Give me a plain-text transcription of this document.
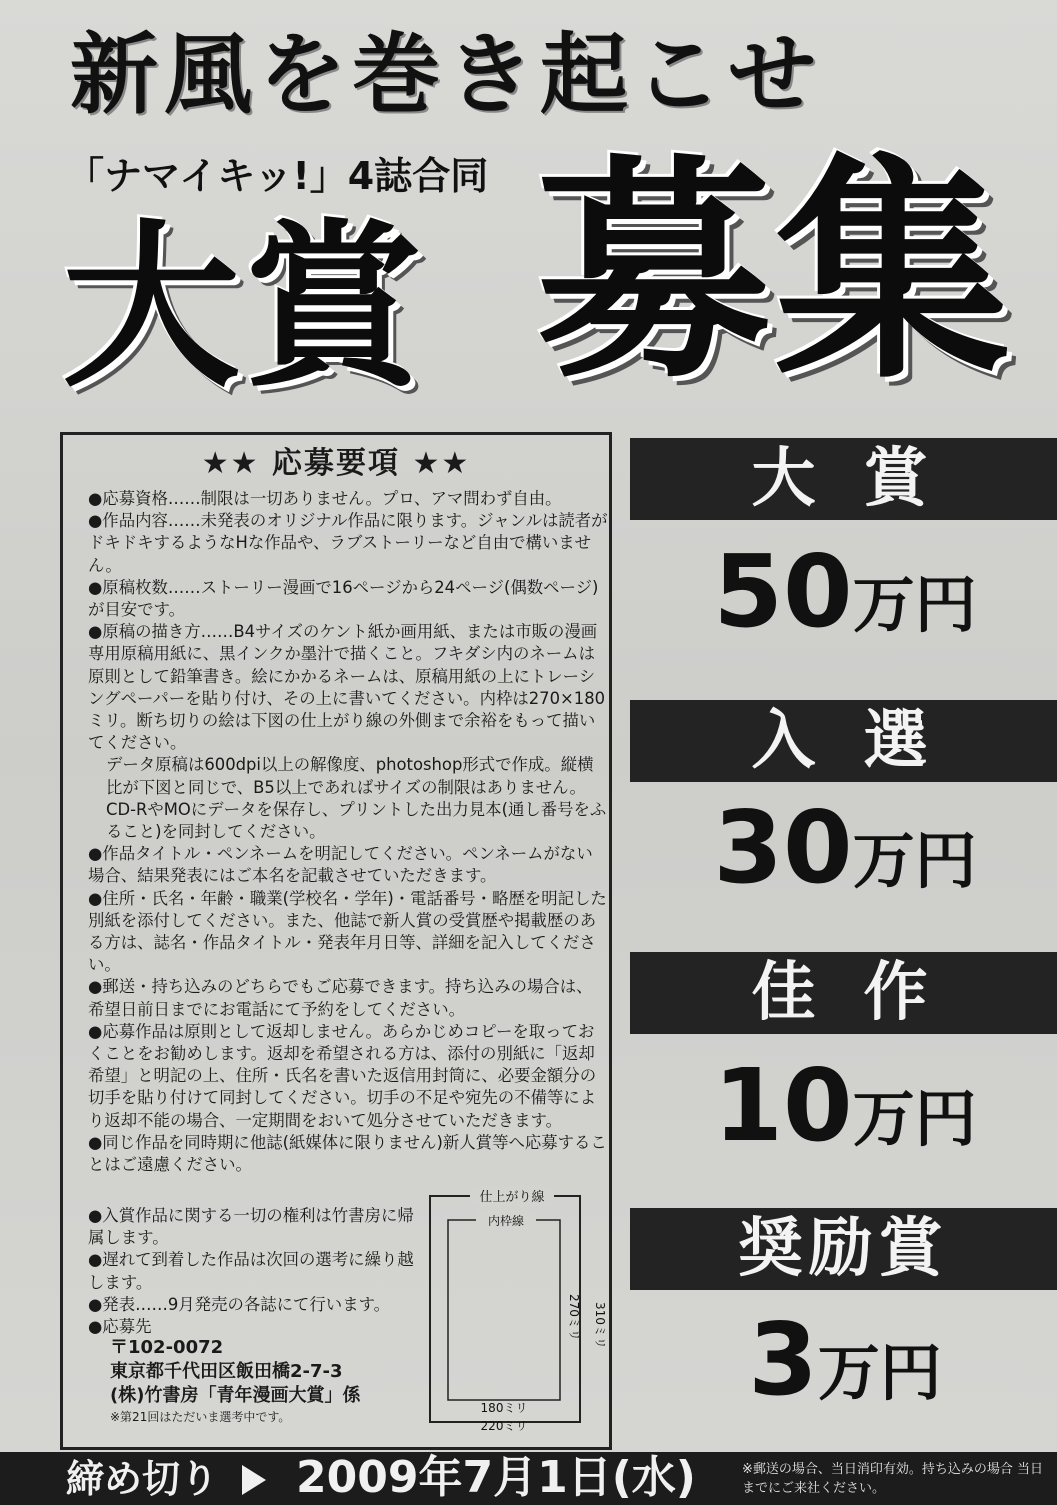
新風を巻き起こせ
「ナマイキッ!」4誌合同
大賞 募集
★★ 応募要項 ★★

●応募資格……制限は一切ありません。プロ、アマ問わず自由。

●作品内容……未発表のオリジナル作品に限ります。ジャンルは読者がドキドキするようなHな作品や、ラブストーリーなど自由で構いません。

●原稿枚数……ストーリー漫画で16ページから24ページ(偶数ページ)が目安です。

●原稿の描き方……B4サイズのケント紙か画用紙、または市販の漫画専用原稿用紙に、黒インクか墨汁で描くこと。フキダシ内のネームは原則として鉛筆書き。絵にかかるネームは、原稿用紙の上にトレーシングペーパーを貼り付け、その上に書いてください。内枠は270×180ミリ。断ち切りの絵は下図の仕上がり線の外側まで余裕をもって描いてください。

データ原稿は600dpi以上の解像度、photoshop形式で作成。縦横比が下図と同じで、B5以上であればサイズの制限はありません。CD-RやMOにデータを保存し、プリントした出力見本(通し番号をふること)を同封してください。

●作品タイトル・ペンネームを明記してください。ペンネームがない場合、結果発表にはご本名を記載させていただきます。

●住所・氏名・年齢・職業(学校名・学年)・電話番号・略歴を明記した別紙を添付してください。また、他誌で新人賞の受賞歴や掲載歴のある方は、誌名・作品タイトル・発表年月日等、詳細を記入してください。

●郵送・持ち込みのどちらでもご応募できます。持ち込みの場合は、希望日前日までにお電話にて予約をしてください。

●応募作品は原則として返却しません。あらかじめコピーを取っておくことをお勧めします。返却を希望される方は、添付の別紙に「返却希望」と明記の上、住所・氏名を書いた返信用封筒に、必要金額分の切手を貼り付けて同封してください。切手の不足や宛先の不備等により返却不能の場合、一定期間をおいて処分させていただきます。

●同じ作品を同時期に他誌(紙媒体に限りません)新人賞等へ応募することはご遠慮ください。

●入賞作品に関する一切の権利は竹書房に帰属します。

●遅れて到着した作品は次回の選考に繰り越します。

●発表……9月発売の各誌にて行います。

●応募先

〒102-0072
東京都千代田区飯田橋2-7-3
(株)竹書房「青年漫画大賞」係
※第21回はただいま選考中です。
仕上がり線
内枠線
310ミリ
270ミリ
180ミリ
220ミリ
大賞
50万円
入選
30万円
佳作
10万円
奨励賞
3万円
締め切り 2009年7月1日(水)	※郵送の場合、当日消印有効。持ち込みの場合 当日までにご来社ください。
